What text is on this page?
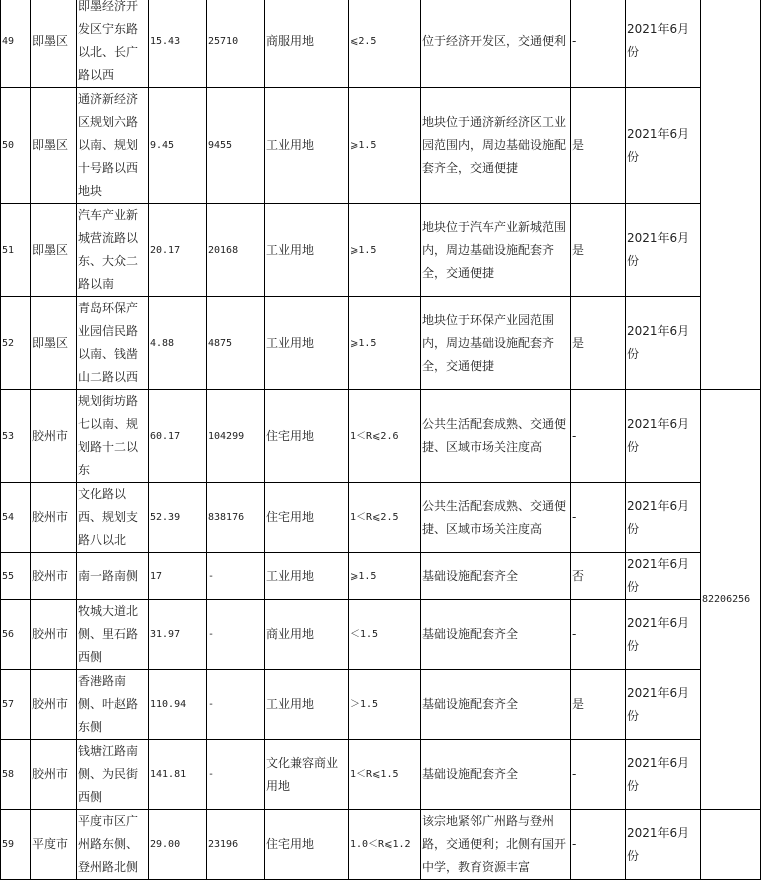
49	即墨区	即墨经济开发区宁东路以北、长广路以西	15.43	25710	商服用地	⩽2.5	位于经济开发区，交通便利	-	2021年6月份	
50	即墨区	通济新经济区规划六路以南、规划十号路以西地块	9.45	9455	工业用地	⩾1.5	地块位于通济新经济区工业园范围内，周边基础设施配套齐全，交通便捷	是	2021年6月份	
51	即墨区	汽车产业新城营流路以东、大众二路以南	20.17	20168	工业用地	⩾1.5	地块位于汽车产业新城范围内，周边基础设施配套齐全，交通便捷	是	2021年6月份	
52	即墨区	青岛环保产业园信民路以南、钱凿山二路以西	4.88	4875	工业用地	⩾1.5	地块位于环保产业园范围内，周边基础设施配套齐全，交通便捷	是	2021年6月份	
53	胶州市	规划街坊路七以南、规划路十二以东	60.17	104299	住宅用地	1＜R⩽2.6	公共生活配套成熟、交通便捷、区域市场关注度高	-	2021年6月份	82206256
54	胶州市	文化路以西、规划支路八以北	52.39	838176	住宅用地	1＜R⩽2.5	公共生活配套成熟、交通便捷、区域市场关注度高	-	2021年6月份	
55	胶州市	南一路南侧	17	-	工业用地	⩾1.5	基础设施配套齐全	否	2021年6月份	
56	胶州市	牧城大道北侧、里石路西侧	31.97	-	商业用地	＜1.5	基础设施配套齐全	-	2021年6月份	
57	胶州市	香港路南侧、叶赵路东侧	110.94	-	工业用地	＞1.5	基础设施配套齐全	是	2021年6月份	
58	胶州市	钱塘江路南侧、为民街西侧	141.81	-	文化兼容商业用地	1＜R⩽1.5	基础设施配套齐全	-	2021年6月份	
59	平度市	平度市区广州路东侧、登州路北侧	29.00	23196	住宅用地	1.0＜R⩽1.2	该宗地紧邻广州路与登州路，交通便利；北侧有国开中学，教育资源丰富	-	2021年6月份	
